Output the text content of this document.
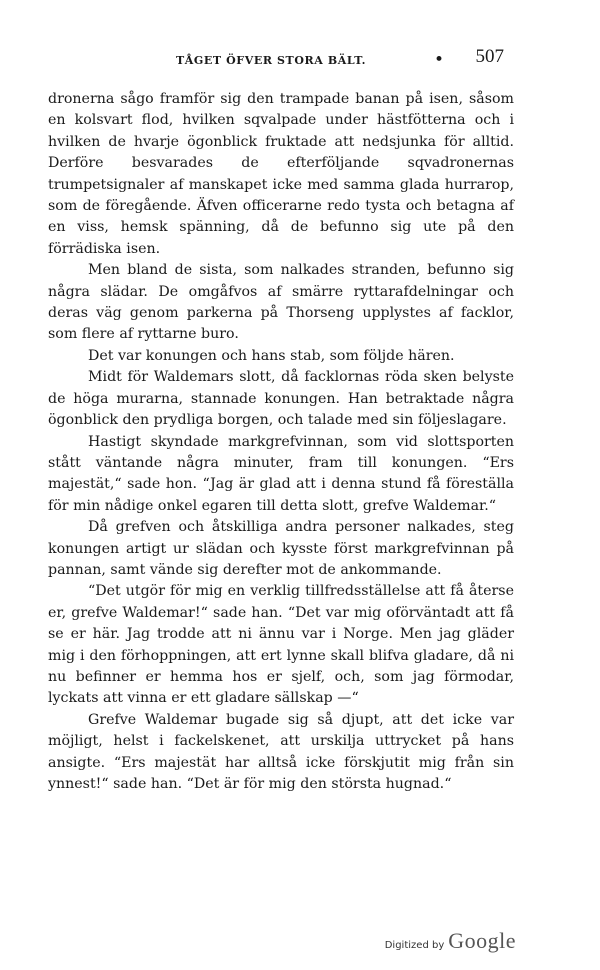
TÅGET ÖFVER STORA BÄLT.	• 507

dronerna sågo framför sig den trampade banan på isen, såsom en kolsvart flod, hvilken sqvalpade under hästfötterna och i hvilken de hvarje ögonblick fruktade att nedsjunka för alltid. Derföre besvarades de efterföljande sqvadronernas trumpetsignaler af manskapet icke med samma glada hurrarop, som de föregående. Äfven officerarne redo tysta och betagna af en viss, hemsk spänning, då de befunno sig ute på den förrädiska isen.

Men bland de sista, som nalkades stranden, befunno sig några slädar. De omgåfvos af smärre ryttarafdelningar och deras väg genom parkerna på Thorseng upplystes af facklor, som flere af ryttarne buro.

Det var konungen och hans stab, som följde hären.

Midt för Waldemars slott, då facklornas röda sken belyste de höga murarna, stannade konungen. Han betraktade några ögonblick den prydliga borgen, och talade med sin följeslagare.

Hastigt skyndade markgrefvinnan, som vid slottsporten stått väntande några minuter, fram till konungen. “Ers majestät,“ sade hon. “Jag är glad att i denna stund få föreställa för min nådige onkel egaren till detta slott, grefve Waldemar.“

Då grefven och åtskilliga andra personer nalkades, steg konungen artigt ur slädan och kysste först markgrefvinnan på pannan, samt vände sig derefter mot de ankommande.

“Det utgör för mig en verklig tillfredsställelse att få återse er, grefve Waldemar!“ sade han. “Det var mig oförväntadt att få se er här. Jag trodde att ni ännu var i Norge. Men jag gläder mig i den förhoppningen, att ert lynne skall blifva gladare, då ni nu befinner er hemma hos er sjelf, och, som jag förmodar, lyckats att vinna er ett gladare sällskap —“

Grefve Waldemar bugade sig så djupt, att det icke var möjligt, helst i fackelskenet, att urskilja uttrycket på hans ansigte. “Ers majestät har alltså icke förskjutit mig från sin ynnest!“ sade han. “Det är för mig den största hugnad.“

Digitized by Google
